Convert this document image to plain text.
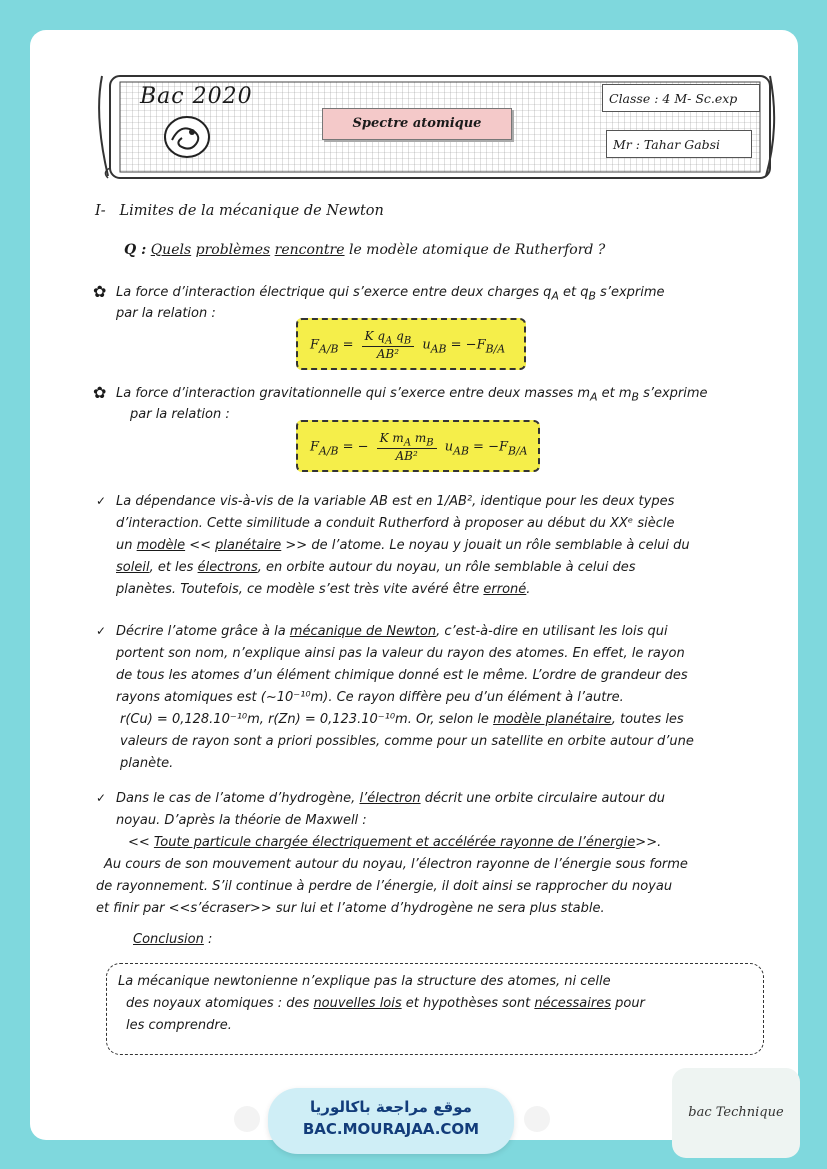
Bac 2020
Spectre atomique
Classe : 4 M- Sc.exp
Mr : Tahar Gabsi
I- Limites de la mécanique de Newton
Q : Quels problèmes rencontre le modèle atomique de Rutherford ?
✿ La force d’interaction électrique qui s’exerce entre deux charges $q_A$ et $q_B$ s’exprime
par la relation :
$F_{A/B} = \frac{K q_A q_B}{\text{AB²}} u_{AB} = -F_{B/A}$
✿ La force d’interaction gravitationnelle qui s’exerce entre deux masses $m_A$ et $m_B$ s’exprime
par la relation :
$F_{A/B}$ = − $\frac{K m_A m_B}{\text{AB²}} u_{AB} = -F_{B/A}$
✓ La dépendance vis-à-vis de la variable AB est en 1/AB², identique pour les deux types
d’interaction. Cette similitude a conduit Rutherford à proposer au début du XXᵉ siècle
un modèle << planétaire >> de l’atome. Le noyau y jouait un rôle semblable à celui du
soleil, et les électrons, en orbite autour du noyau, un rôle semblable à celui des
planètes. Toutefois, ce modèle s’est très vite avéré être erroné.
✓ Décrire l’atome grâce à la mécanique de Newton, c’est-à-dire en utilisant les lois qui
portent son nom, n’explique ainsi pas la valeur du rayon des atomes. En effet, le rayon
de tous les atomes d’un élément chimique donné est le même. L’ordre de grandeur des
rayons atomiques est (~10⁻¹⁰m). Ce rayon diffère peu d’un élément à l’autre.
r(Cu) = 0,128.10⁻¹⁰m, r(Zn) = 0,123.10⁻¹⁰m. Or, selon le modèle planétaire, toutes les
valeurs de rayon sont a priori possibles, comme pour un satellite en orbite autour d’une
planète.
✓ Dans le cas de l’atome d’hydrogène, l’électron décrit une orbite circulaire autour du
noyau. D’après la théorie de Maxwell :
<< Toute particule chargée électriquement et accélérée rayonne de l’énergie>>.
Au cours de son mouvement autour du noyau, l’électron rayonne de l’énergie sous forme
de rayonnement. S’il continue à perdre de l’énergie, il doit ainsi se rapprocher du noyau
et finir par <<s’écraser>> sur lui et l’atome d’hydrogène ne sera plus stable.
Conclusion :
La mécanique newtonienne n’explique pas la structure des atomes, ni celle
des noyaux atomiques : des nouvelles lois et hypothèses sont nécessaires pour
les comprendre.
موقع مراجعة باكالوريا
BAC.MOURAJAA.COM
bac Technique
